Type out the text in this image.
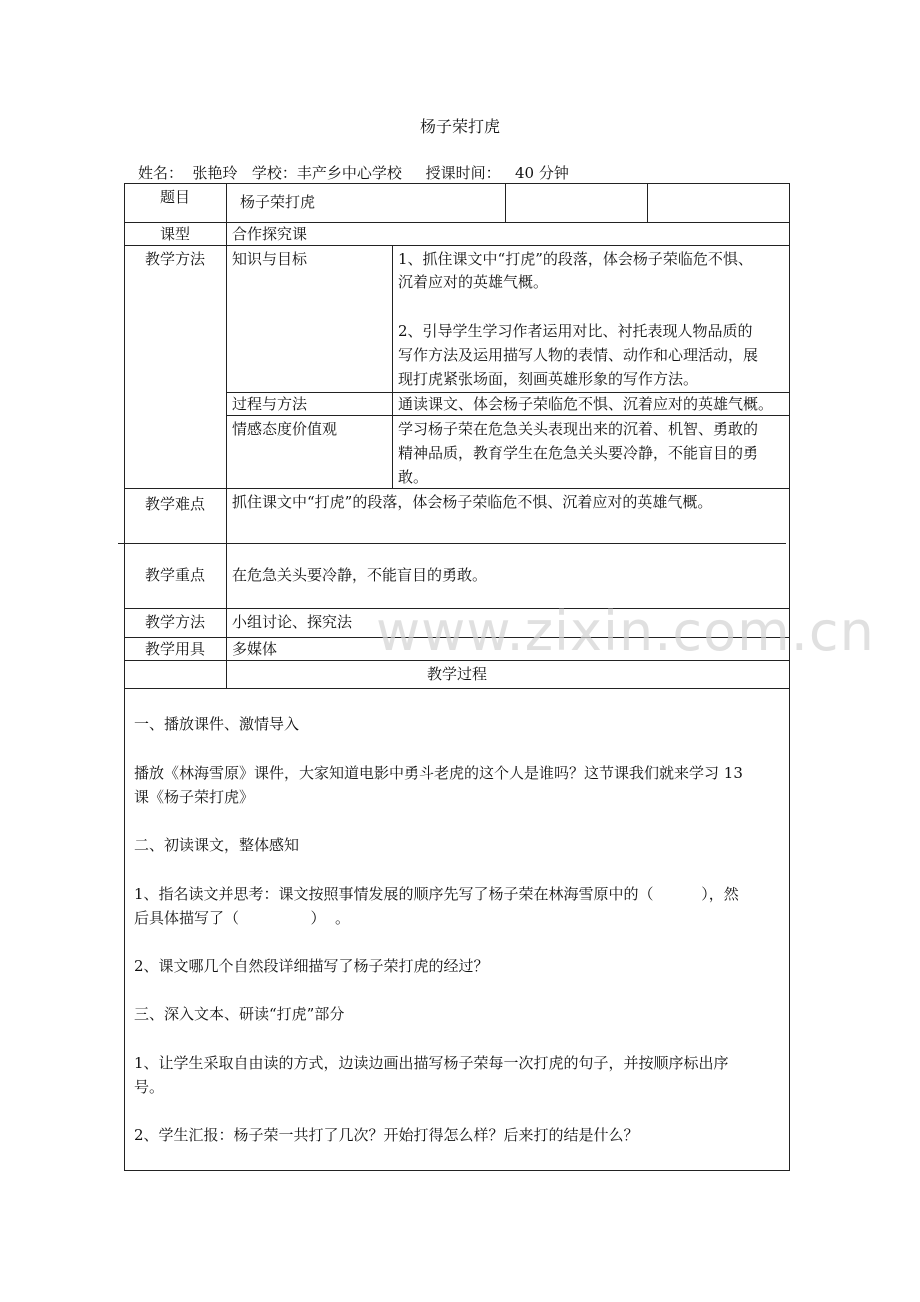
杨子荣打虎
姓名：  张艳玲   学校：丰产乡中心学校     授课时间：   40 分钟
题目	杨子荣打虎
课型	合作探究课
教学方法	知识与目标	1、抓住课文中“打虎”的段落，体会杨子荣临危不惧、
沉着应对的英雄气概。
2、引导学生学习作者运用对比、衬托表现人物品质的
写作方法及运用描写人物的表情、动作和心理活动，展
现打虎紧张场面，刻画英雄形象的写作方法。
过程与方法	通读课文、体会杨子荣临危不惧、沉着应对的英雄气概。
情感态度价值观	学习杨子荣在危急关头表现出来的沉着、机智、勇敢的
精神品质，教育学生在危急关头要冷静，不能盲目的勇
敢。
教学难点	抓住课文中“打虎”的段落，体会杨子荣临危不惧、沉着应对的英雄气概。
教学重点	在危急关头要冷静，不能盲目的勇敢。
教学方法	小组讨论、探究法
教学用具	多媒体
教学过程
一、播放课件、激情导入
播放《林海雪原》课件，大家知道电影中勇斗老虎的这个人是谁吗？这节课我们就来学习 13
课《杨子荣打虎》
二、初读课文，整体感知
1、指名读文并思考：课文按照事情发展的顺序先写了杨子荣在林海雪原中的（          ），然
后具体描写了（               ）  。
2、课文哪几个自然段详细描写了杨子荣打虎的经过？
三、深入文本、研读“打虎”部分
1、让学生采取自由读的方式，边读边画出描写杨子荣每一次打虎的句子，并按顺序标出序
号。
2、学生汇报：杨子荣一共打了几次？开始打得怎么样？后来打的结是什么？
www.zixin.com.cn
